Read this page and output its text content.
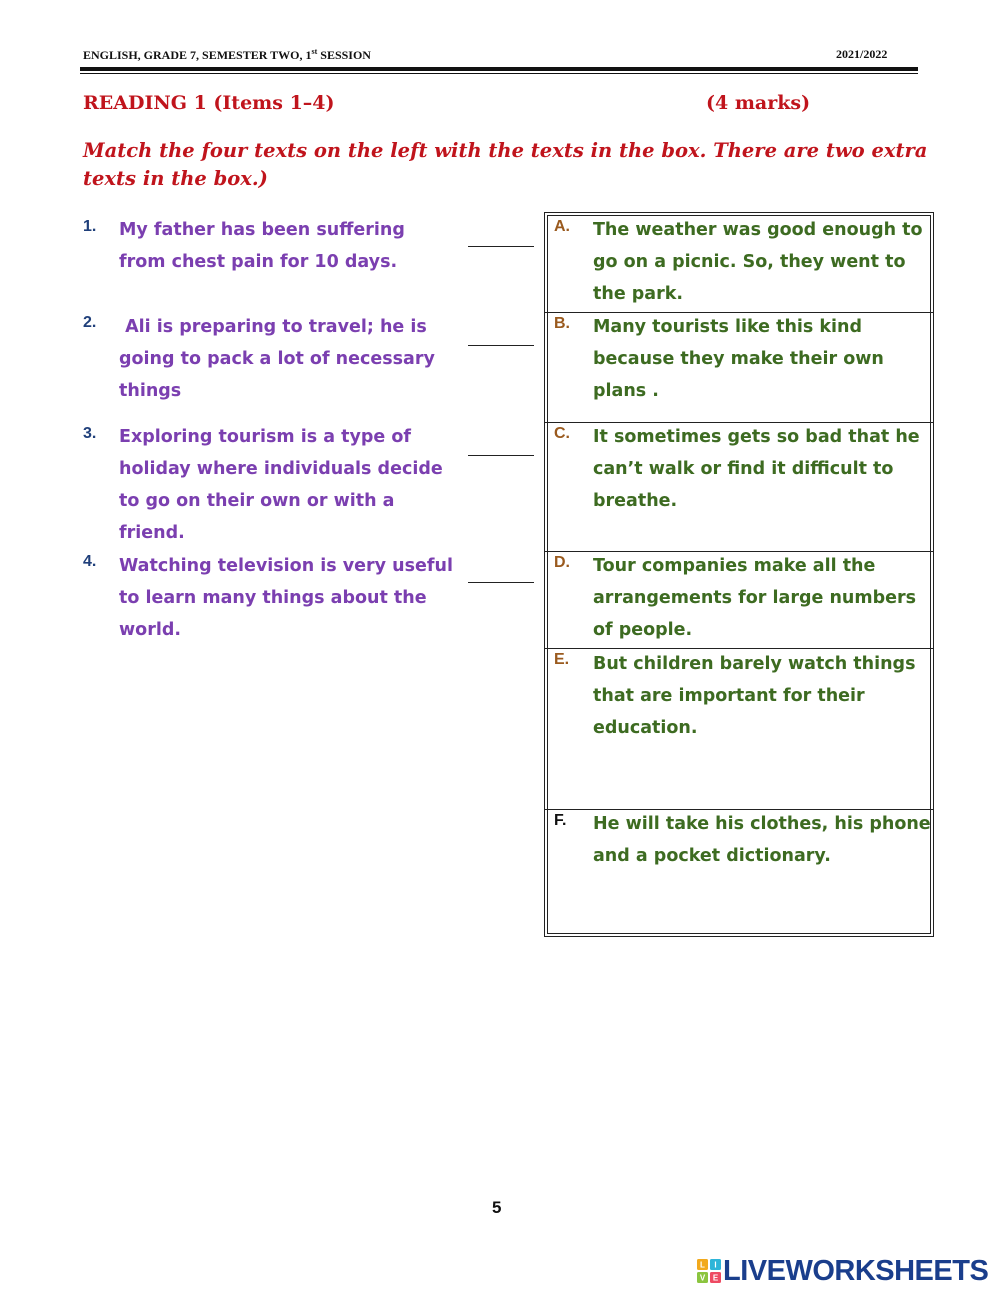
ENGLISH, GRADE 7, SEMESTER TWO, 1st SESSION	2021/2022
READING 1 (Items 1–4)	(4 marks)
Match the four texts on the left with the texts in the box. There are two extra texts in the box.)
1. My father has been suffering from chest pain for 10 days.
2. Ali is preparing to travel; he is going to pack a lot of necessary things
3. Exploring tourism is a type of holiday where individuals decide to go on their own or with a friend.
4. Watching television is very useful to learn many things about the world.
A. The weather was good enough to go on a picnic. So, they went to the park.
B. Many tourists like this kind because they make their own plans .
C. It sometimes gets so bad that he can’t walk or find it difficult to breathe.
D. Tour companies make all the arrangements for large numbers of people.
E. But children barely watch things that are important for their education.
F. He will take his clothes, his phone and a pocket dictionary.
5
L I
V E LIVEWORKSHEETS
